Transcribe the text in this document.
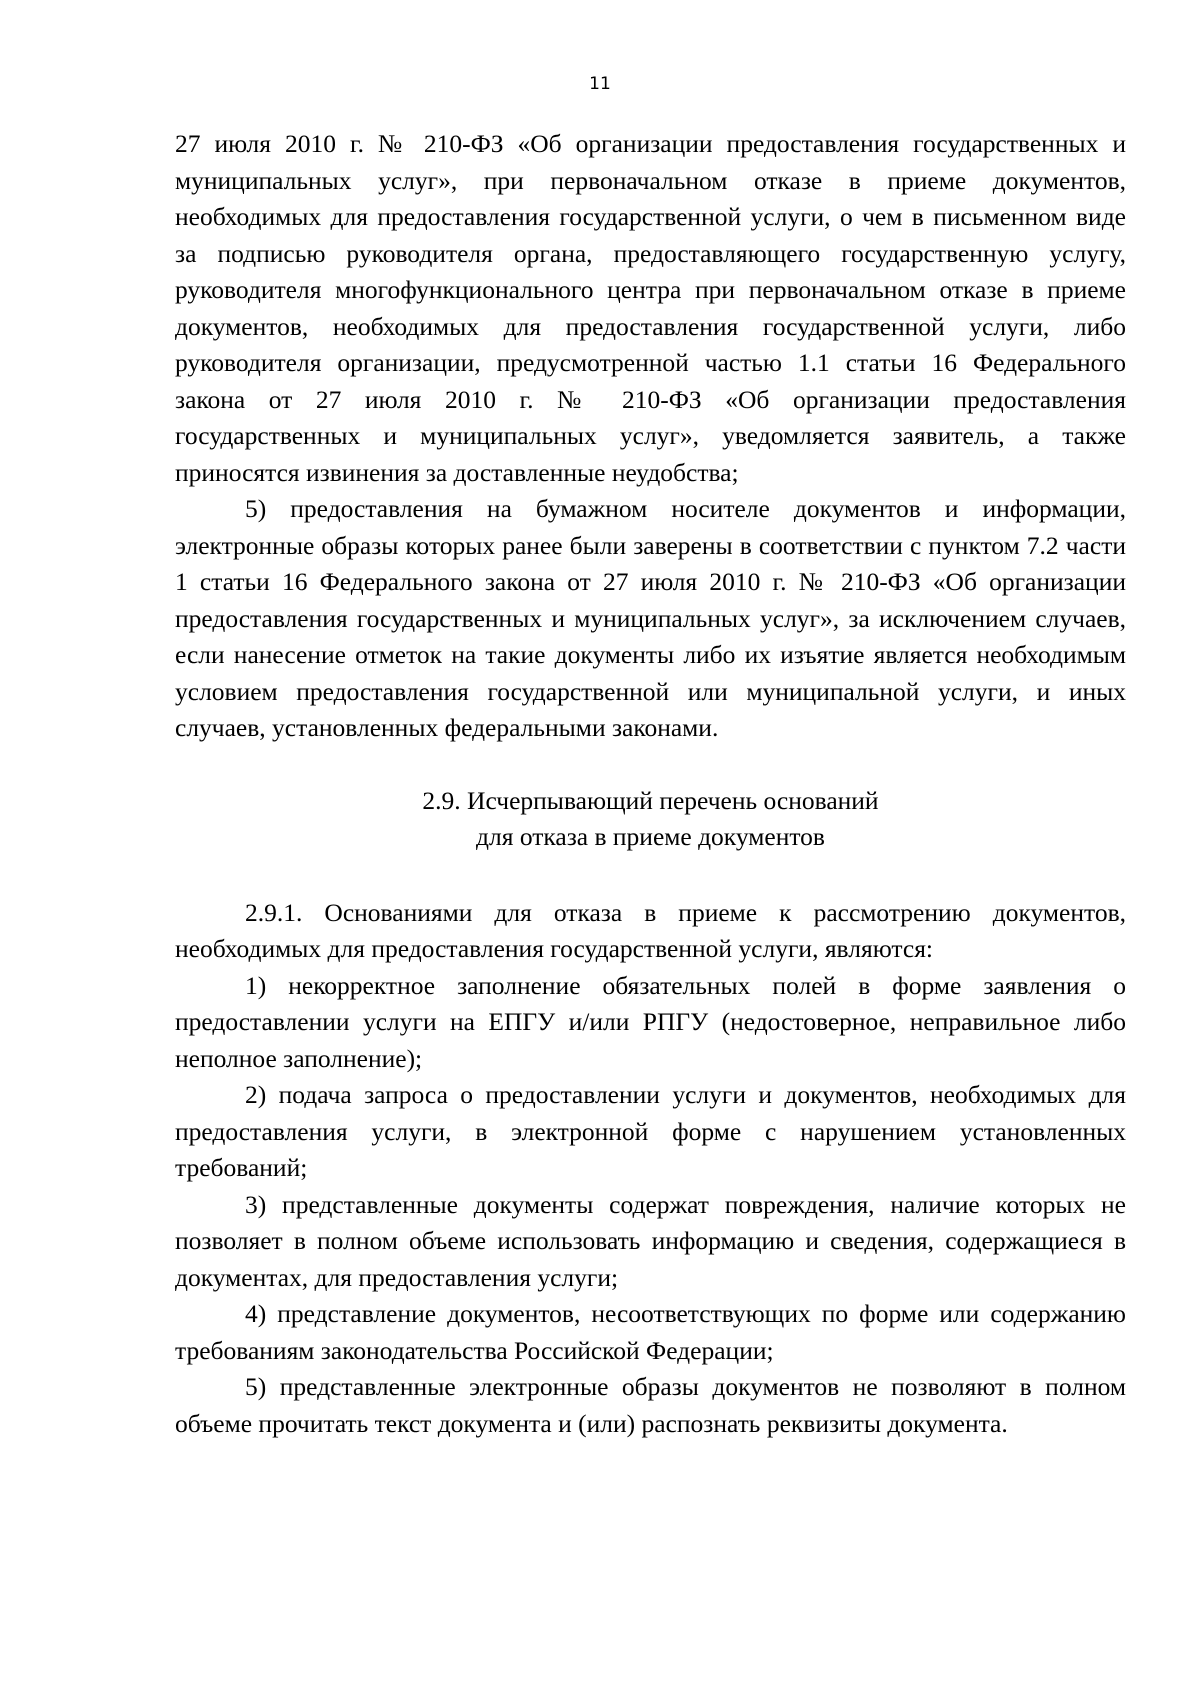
11

27 июля 2010 г. № 210-ФЗ «Об организации предоставления государственных и муниципальных услуг», при первоначальном отказе в приеме документов, необходимых для предоставления государственной услуги, о чем в письменном виде за подписью руководителя органа, предоставляющего государственную услугу, руководителя многофункционального центра при первоначальном отказе в приеме документов, необходимых для предоставления государственной услуги, либо руководителя организации, предусмотренной частью 1.1 статьи 16 Федерального закона от 27 июля 2010 г. № 210-ФЗ «Об организации предоставления государственных и муниципальных услуг», уведомляется заявитель, а также приносятся извинения за доставленные неудобства;

5) предоставления на бумажном носителе документов и информации, электронные образы которых ранее были заверены в соответствии с пунктом 7.2 части 1 статьи 16 Федерального закона от 27 июля 2010 г. № 210-ФЗ «Об организации предоставления государственных и муниципальных услуг», за исключением случаев, если нанесение отметок на такие документы либо их изъятие является необходимым условием предоставления государственной или муниципальной услуги, и иных случаев, установленных федеральными законами.

2.9. Исчерпывающий перечень оснований

для отказа в приеме документов

2.9.1. Основаниями для отказа в приеме к рассмотрению документов, необходимых для предоставления государственной услуги, являются:

1) некорректное заполнение обязательных полей в форме заявления о предоставлении услуги на ЕПГУ и/или РПГУ (недостоверное, неправильное либо неполное заполнение);

2) подача запроса о предоставлении услуги и документов, необходимых для предоставления услуги, в электронной форме с нарушением установленных требований;

3) представленные документы содержат повреждения, наличие которых не позволяет в полном объеме использовать информацию и сведения, содержащиеся в документах, для предоставления услуги;

4) представление документов, несоответствующих по форме или содержанию требованиям законодательства Российской Федерации;

5) представленные электронные образы документов не позволяют в полном объеме прочитать текст документа и (или) распознать реквизиты документа.
